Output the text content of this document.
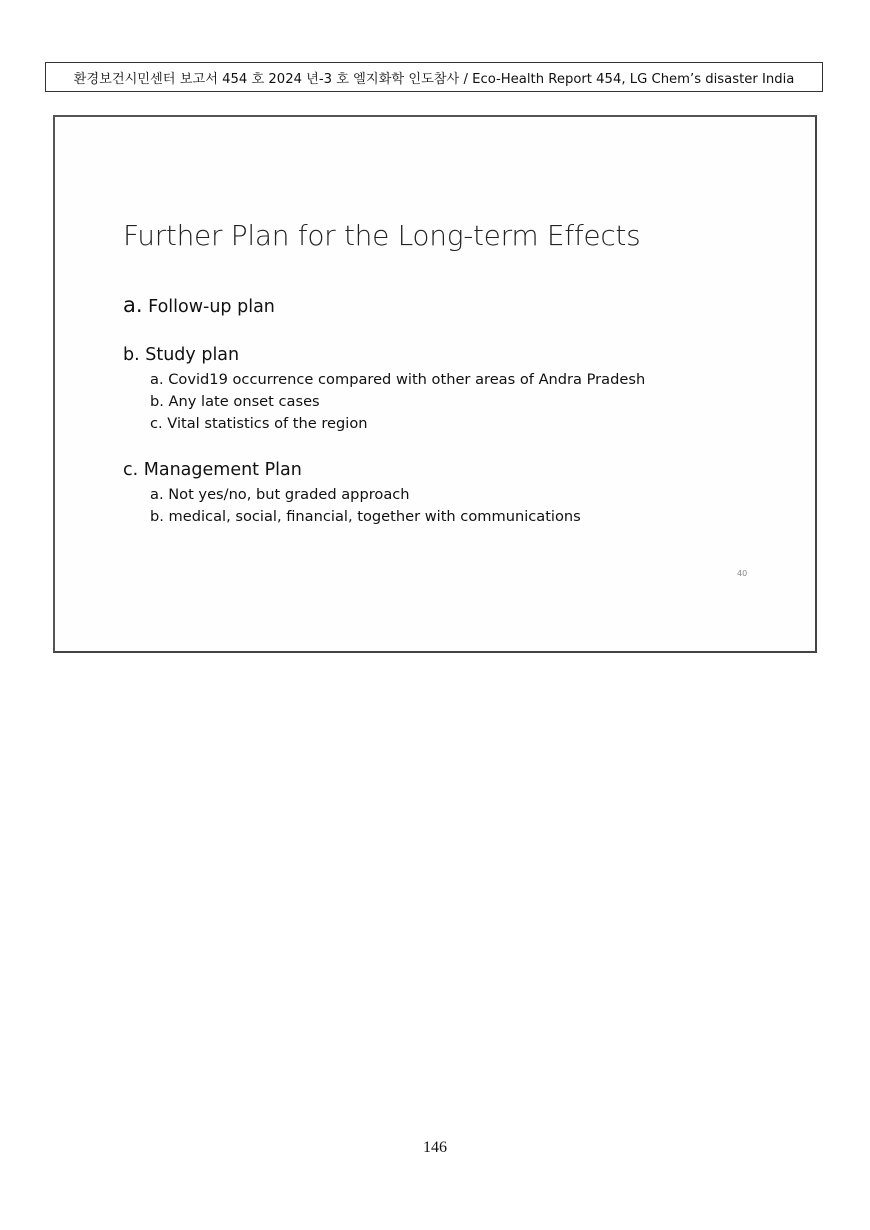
환경보건시민센터 보고서 454 호 2024 년-3 호 엘지화학 인도참사 / Eco-Health Report 454, LG Chem’s disaster India
Further Plan for the Long-term Effects

a. Follow-up plan

b. Study plan

a. Covid19 occurrence compared with other areas of Andra Pradesh
b. Any late onset cases
c. Vital statistics of the region

c. Management Plan

a. Not yes/no, but graded approach
b. medical, social, financial, together with communications
40
146
